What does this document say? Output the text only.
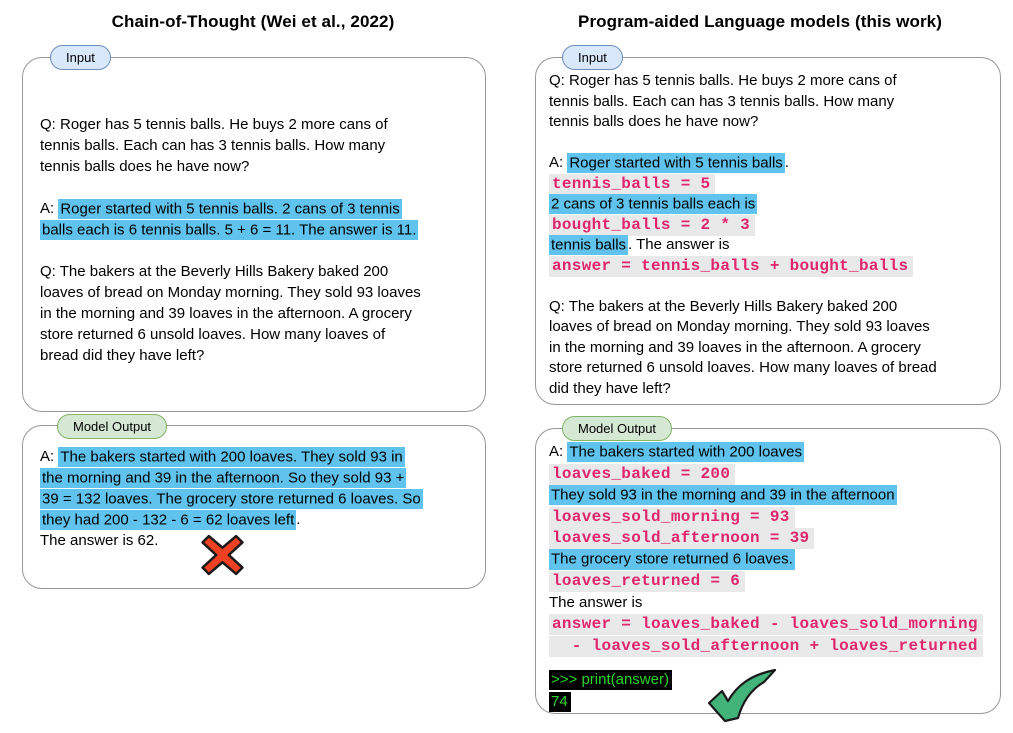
Chain-of-Thought (Wei et al., 2022)	Program-aided Language models (this work)
Input
Model Output
Input
Model Output
Q: Roger has 5 tennis balls. He buys 2 more cans of
tennis balls. Each can has 3 tennis balls. How many
tennis balls does he have now?
A: Roger started with 5 tennis balls. 2 cans of 3 tennis
balls each is 6 tennis balls. 5 + 6 = 11. The answer is 11.
Q: The bakers at the Beverly Hills Bakery baked 200
loaves of bread on Monday morning. They sold 93 loaves
in the morning and 39 loaves in the afternoon. A grocery
store returned 6 unsold loaves. How many loaves of
bread did they have left?
A: The bakers started with 200 loaves. They sold 93 in
the morning and 39 in the afternoon. So they sold 93 +
39 = 132 loaves. The grocery store returned 6 loaves. So
they had 200 - 132 - 6 = 62 loaves left .
The answer is 62.
Q: Roger has 5 tennis balls. He buys 2 more cans of
tennis balls. Each can has 3 tennis balls. How many
tennis balls does he have now?
A: Roger started with 5 tennis balls .
tennis_balls = 5
2 cans of 3 tennis balls each is
bought_balls = 2 * 3
tennis balls . The answer is
answer = tennis_balls + bought_balls
Q: The bakers at the Beverly Hills Bakery baked 200
loaves of bread on Monday morning. They sold 93 loaves
in the morning and 39 loaves in the afternoon. A grocery
store returned 6 unsold loaves. How many loaves of bread
did they have left?
A: The bakers started with 200 loaves
loaves_baked = 200
They sold 93 in the morning and 39 in the afternoon
loaves_sold_morning = 93
loaves_sold_afternoon = 39
The grocery store returned 6 loaves.
loaves_returned = 6
The answer is
answer = loaves_baked - loaves_sold_morning
- loaves_sold_afternoon + loaves_returned
>>> print(answer)
74
